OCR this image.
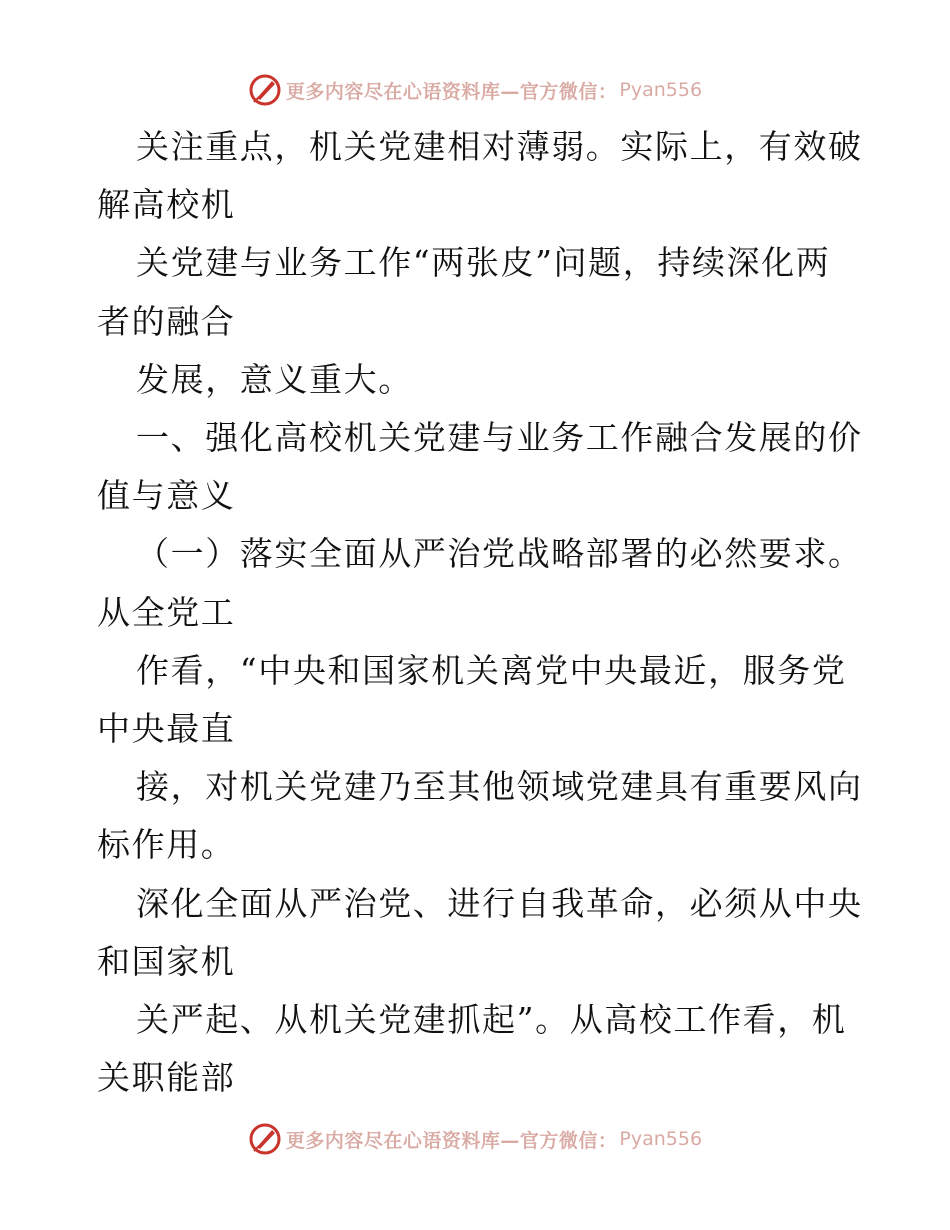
更多内容尽在心语资料库—官方微信： Pyan556
关注重点，机关党建相对薄弱。实际上，有效破
解高校机
关党建与业务工作“两张皮”问题，持续深化两
者的融合
发展，意义重大。
一、强化高校机关党建与业务工作融合发展的价
值与意义
（一）落实全面从严治党战略部署的必然要求。
从全党工
作看，“中央和国家机关离党中央最近，服务党
中央最直
接，对机关党建乃至其他领域党建具有重要风向
标作用。
深化全面从严治党、进行自我革命，必须从中央
和国家机
关严起、从机关党建抓起”。从高校工作看，机
关职能部
更多内容尽在心语资料库—官方微信： Pyan556
